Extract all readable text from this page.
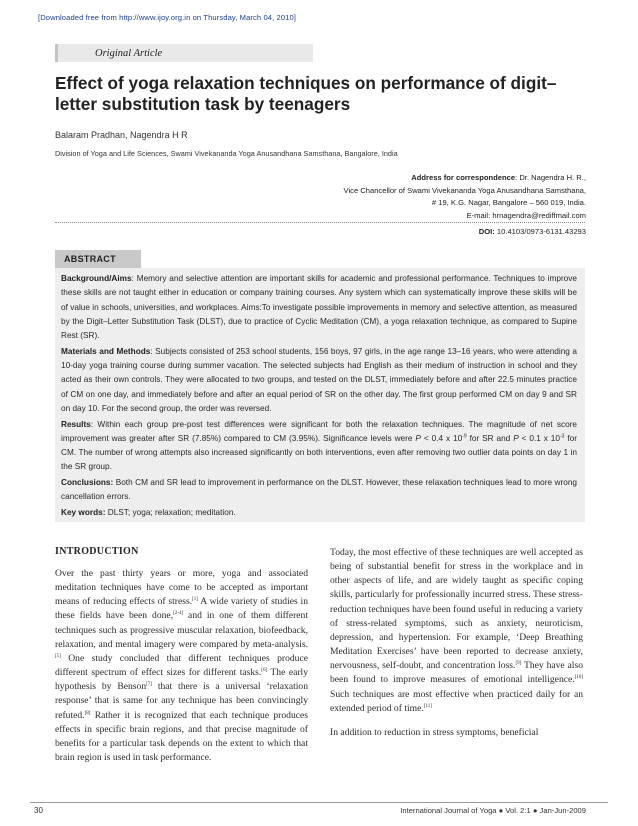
[Downloaded free from http://www.ijoy.org.in on Thursday, March 04, 2010]
Original Article
Effect of yoga relaxation techniques on performance of digit–letter substitution task by teenagers
Balaram Pradhan, Nagendra H R
Division of Yoga and Life Sciences, Swami Vivekananda Yoga Anusandhana Samsthana, Bangalore, India
Address for correspondence: Dr. Nagendra H. R.,
Vice Chancellor of Swami Vivekananda Yoga Anusandhana Samsthana,
# 19, K.G. Nagar, Bangalore – 560 019, India.
E-mail: hrnagendra@rediffmail.com
DOI: 10.4103/0973-6131.43293
ABSTRACT

Background/Aims: Memory and selective attention are important skills for academic and professional performance. Techniques to improve these skills are not taught either in education or company training courses. Any system which can systematically improve these skills will be of value in schools, universities, and workplaces. Aims:To investigate possible improvements in memory and selective attention, as measured by the Digit–Letter Substitution Task (DLST), due to practice of Cyclic Meditation (CM), a yoga relaxation technique, as compared to Supine Rest (SR).

Materials and Methods: Subjects consisted of 253 school students, 156 boys, 97 girls, in the age range 13–16 years, who were attending a 10-day yoga training course during summer vacation. The selected subjects had English as their medium of instruction in school and they acted as their own controls. They were allocated to two groups, and tested on the DLST, immediately before and after 22.5 minutes practice of CM on one day, and immediately before and after an equal period of SR on the other day. The first group performed CM on day 9 and SR on day 10. For the second group, the order was reversed.

Results: Within each group pre-post test differences were significant for both the relaxation techniques. The magnitude of net score improvement was greater after SR (7.85%) compared to CM (3.95%). Significance levels were P < 0.4 x $10^{-9}$ for SR and P < 0.1 x $10^{-3}$ for CM. The number of wrong attempts also increased significantly on both interventions, even after removing two outlier data points on day 1 in the SR group.

Conclusions: Both CM and SR lead to improvement in performance on the DLST. However, these relaxation techniques lead to more wrong cancellation errors.

Key words: DLST; yoga; relaxation; meditation.

INTRODUCTION

Over the past thirty years or more, yoga and associated meditation techniques have come to be accepted as important means of reducing effects of stress.[1] A wide variety of studies in these fields have been done,[2-4] and in one of them different techniques such as progressive muscular relaxation, biofeedback, relaxation, and mental imagery were compared by meta-analysis.[5] One study concluded that different techniques produce different spectrum of effect sizes for different tasks.[6] The early hypothesis by Benson[7] that there is a universal ‘relaxation response’ that is same for any technique has been convincingly refuted.[8] Rather it is recognized that each technique produces effects in specific brain regions, and that precise magnitude of benefits for a particular task depends on the extent to which that brain region is used in task performance.

Today, the most effective of these techniques are well accepted as being of substantial benefit for stress in the workplace and in other aspects of life, and are widely taught as specific coping skills, particularly for professionally incurred stress. These stress-reduction techniques have been found useful in reducing a variety of stress-related symptoms, such as anxiety, neuroticism, depression, and hypertension. For example, ‘Deep Breathing Meditation Exercises’ have been reported to decrease anxiety, nervousness, self-doubt, and concentration loss.[9] They have also been found to improve measures of emotional intelligence.[10] Such techniques are most effective when practiced daily for an extended period of time.[11]

In addition to reduction in stress symptoms, beneficial

30	International Journal of Yoga ● Vol. 2:1 ● Jan-Jun-2009
